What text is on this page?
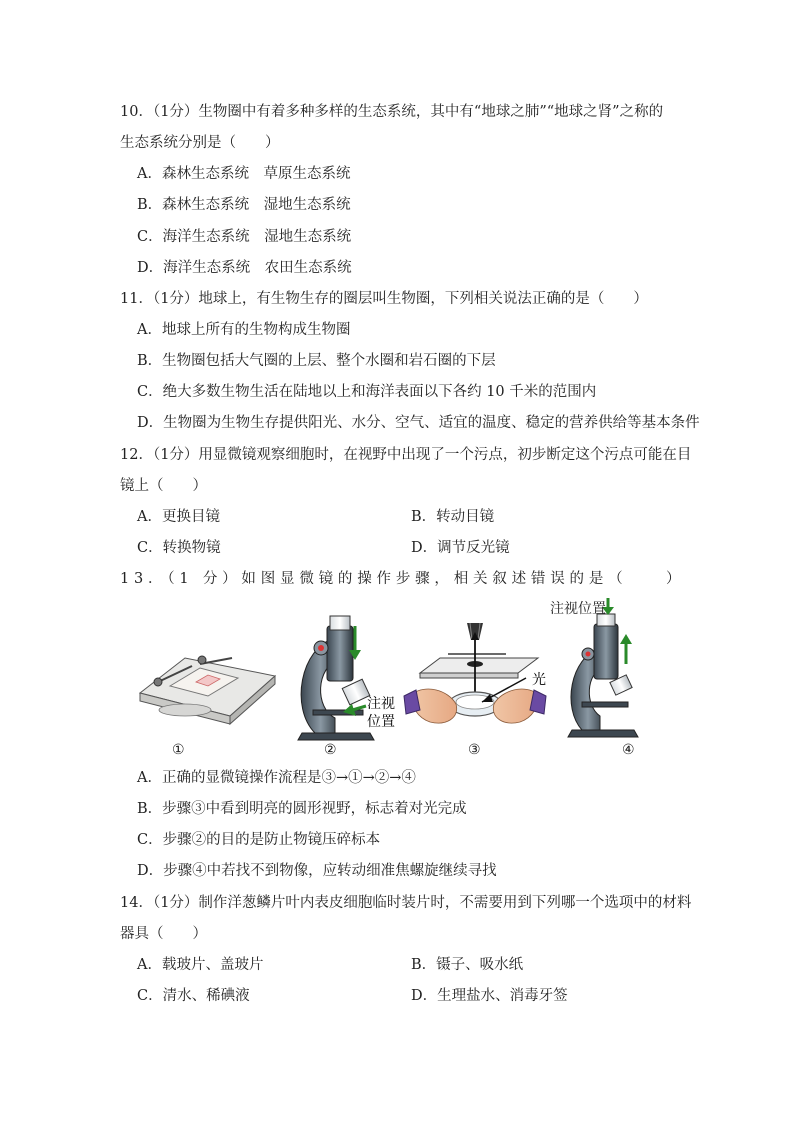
10．（1分）生物圈中有着多种多样的生态系统，其中有“地球之肺”“地球之肾”之称的
生态系统分别是（　　）
A．森林生态系统　草原生态系统
B．森林生态系统　湿地生态系统
C．海洋生态系统　湿地生态系统
D．海洋生态系统　农田生态系统
11．（1分）地球上，有生物生存的圈层叫生物圈，下列相关说法正确的是（　　）
A．地球上所有的生物构成生物圈
B．生物圈包括大气圈的上层、整个水圈和岩石圈的下层
C．绝大多数生物生活在陆地以上和海洋表面以下各约 10 千米的范围内
D．生物圈为生物生存提供阳光、水分、空气、适宜的温度、稳定的营养供给等基本条件
12．（1分）用显微镜观察细胞时，在视野中出现了一个污点，初步断定这个污点可能在目
镜上（　　）
A．更换目镜	B．转动目镜
C．转换物镜	D．调节反光镜
13．（1 分）如图显微镜的操作步骤，相关叙述错误的是（　　）
注视
位置
光
注视位置
①	②	③	④
A．正确的显微镜操作流程是③→①→②→④
B．步骤③中看到明亮的圆形视野，标志着对光完成
C．步骤②的目的是防止物镜压碎标本
D．步骤④中若找不到物像，应转动细准焦螺旋继续寻找
14．（1分）制作洋葱鳞片叶内表皮细胞临时装片时，不需要用到下列哪一个选项中的材料
器具（　　）
A．载玻片、盖玻片	B．镊子、吸水纸
C．清水、稀碘液	D．生理盐水、消毒牙签
